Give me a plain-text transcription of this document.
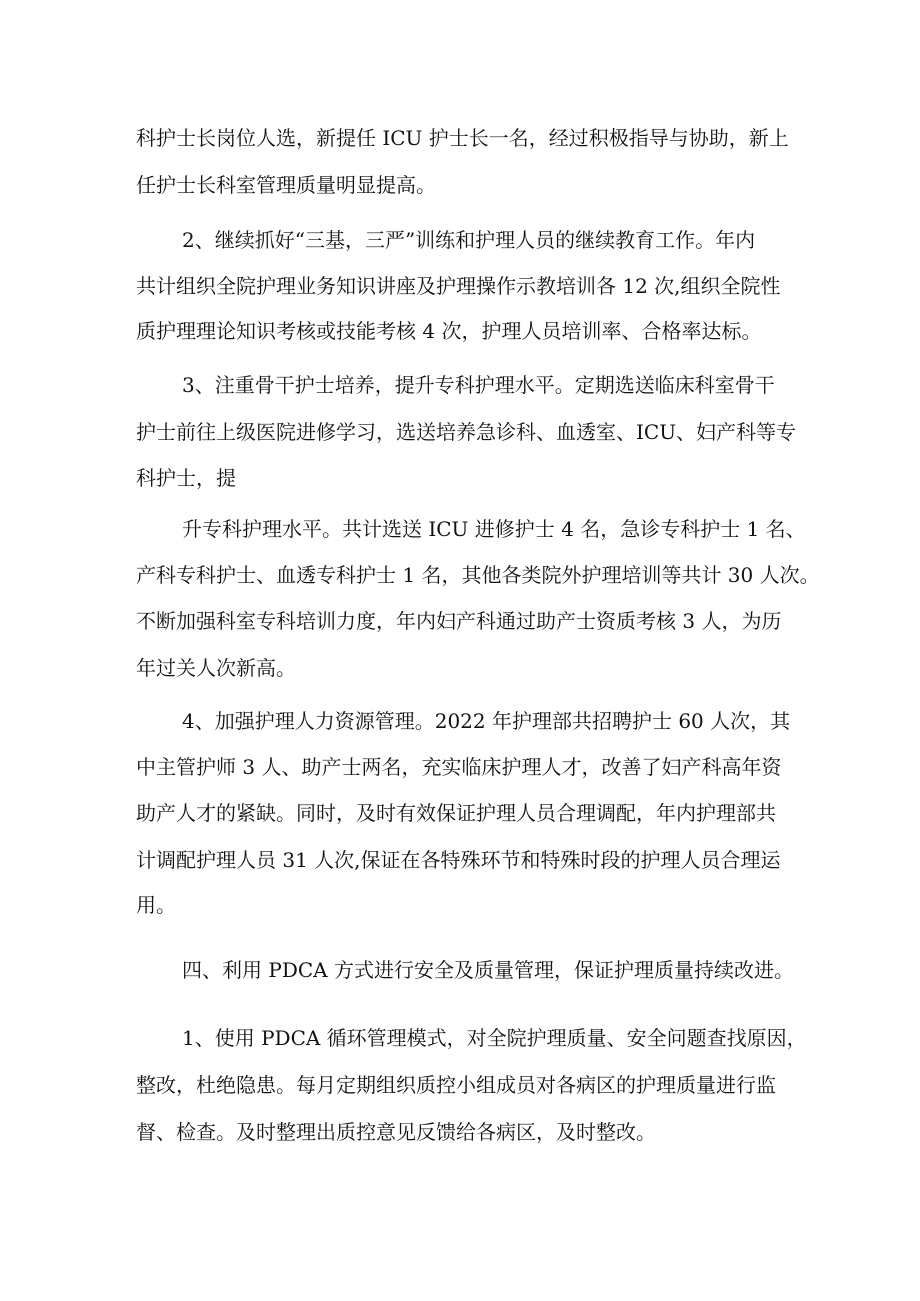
科护士长岗位人选，新提任 ICU 护士长一名，经过积极指导与协助，新上

任护士长科室管理质量明显提高。

2、继续抓好“三基，三严”训练和护理人员的继续教育工作。年内

共计组织全院护理业务知识讲座及护理操作示教培训各 12 次,组织全院性

质护理理论知识考核或技能考核 4 次，护理人员培训率、合格率达标。

3、注重骨干护士培养，提升专科护理水平。定期选送临床科室骨干

护士前往上级医院进修学习，选送培养急诊科、血透室、ICU、妇产科等专

科护士，提

升专科护理水平。共计选送 ICU 进修护士 4 名，急诊专科护士 1 名、

产科专科护士、血透专科护士 1 名，其他各类院外护理培训等共计 30 人次。

不断加强科室专科培训力度，年内妇产科通过助产士资质考核 3 人，为历

年过关人次新高。

4、加强护理人力资源管理。2022 年护理部共招聘护士 60 人次，其

中主管护师 3 人、助产士两名，充实临床护理人才，改善了妇产科高年资

助产人才的紧缺。同时，及时有效保证护理人员合理调配，年内护理部共

计调配护理人员 31 人次,保证在各特殊环节和特殊时段的护理人员合理运

用。

四、利用 PDCA 方式进行安全及质量管理，保证护理质量持续改进。

1、使用 PDCA 循环管理模式，对全院护理质量、安全问题查找原因，

整改，杜绝隐患。每月定期组织质控小组成员对各病区的护理质量进行监

督、检查。及时整理出质控意见反馈给各病区，及时整改。
